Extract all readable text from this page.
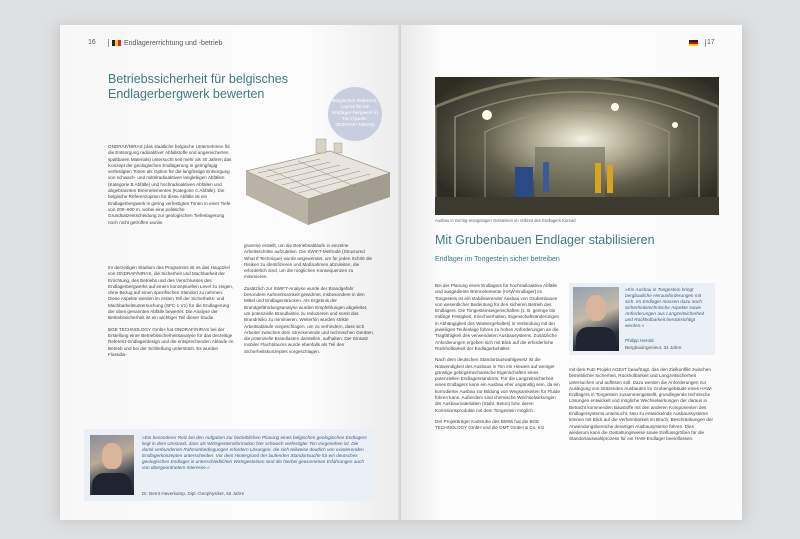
16	Endlagererrichtung und -betrieb
Betriebssicherheit für belgisches
Endlagerbergwerk bewerten
Belgisches Referenz-Layout für ein Endlager-bergwerk in Ton (Quelle: ONDRAF/ NIRAS)

ONDRAF/NIRAS (das staatliche belgische Unternehmen für die Entsorgung radioaktiver Abfallstoffe und angereicherten spaltbaren Materials) untersucht seit mehr als 40 Jahren das Konzept der geologischen Endlagerung in geringfügig verfestigten Tonen als Option für die langfristige Entsorgung von schwach- und mittelradioaktiven langlebigen Abfällen (Kategorie B Abfälle) und hochradioaktiven Abfällen und abgebrannten Brennelementen (Kategorie C Abfälle). Die belgische Referenzoption für diese Abfälle ist ein Endlagerbergwerk in gering verfestigten Tonen in einer Tiefe von 200–600 m, wobei eine politische Grundsatzentscheidung zur geologischen Tiefenlagerung noch nicht getroffen wurde.

Im derzeitigen Stadium des Programms ist es das Hauptziel von ONDRAF/NIRAS, die Sicherheit und Machbarkeit der Errichtung, des Betriebs und des Verschlusses des Endlagerbergwerks auf einem konzeptuellen Level zu zeigen, ohne Bezug auf einen spezifischen Standort zu nehmen. Diese Aspekte werden im ersten Teil der Sicherheits- und Machbarkeitsuntersuchung (SFC-1 V1) für die Endlagerung der oben genannten Abfälle bewertet. Die Analyse der Betriebssicherheit ist ein wichtiger Teil dieser Studie.

BGE TECHNOLOGY GmbH hat ONDRAF/NIRAS bei der Erstellung einer Betriebssicherheitsanalyse für das derzeitige Referenz-Endlagerdesign und die entsprechenden Abläufe im Betrieb und bei der Schließung unterstützt. Es wurden Flussdia-

gramme erstellt, um die Betriebsabläufe in einzelne Arbeitsschritte aufzuteilen. Die SWIFT-Methode (Structured What If Technique) wurde angewendet, um für jeden Schritt die Risiken zu identifizieren und Maßnahmen abzuleiten, die erforderlich sind, um die möglichen Konsequenzen zu minimieren.

Zusätzlich zur SWIFT-Analyse wurde der Brandgefahr besondere Aufmerksamkeit gewidmet, insbesondere in den Mittel und Endlagerstrecken. Als Ergebnis der Brandgefährdungsanalyse wurden Empfehlungen abgeleitet, um potenzielle Brandlasten zu reduzieren und somit das Brandrisiko zu minimieren. Weiterhin wurden strikte Arbeitsabläufe vorgeschlagen, um zu verhindern, dass sich Arbeiter zwischen dem Streckenende und technischen Geräten, die potenzielle Brandlasten darstellen, aufhalten. Der Einsatz mobiler Flachtiraums wurde ebenfalls als Teil des Sicherheitskonzeptes vorgeschlagen.

»Ein besonderer Reiz bei den Aufgaben zur betrieblichen Planung eines belgischen geologischen Endlagers liegt in dem Umstand, dass als Wirtsgesteinsformation hier schwach verfestigter Ton vorgesehen ist. Die damit verbundenen Rahmenbedingungen erfordern Lösungen, die sich teilweise deutlich von existierenden Endlagerkonzepten unterscheiden. Vor dem Hintergrund der laufenden Standortsuche für ein deutsches geologisches Endlager in unterschiedlichen Wirtsgesteinen sind die hierbei gewonnenen Erfahrungen auch von übergeordnetem Interesse.«
Dr. Bernt Haverkamp, Dipl.-Geophysiker, 62 Jahre
17
Ausbau in Gering-mangelagen Geisteinen im Vollzeit des Endlagers Konrad
Mit Grubenbauen Endlager stabilisieren
Endlager im Tongestein sicher betreiben

Bei der Planung eines Endlagers für hochradioaktive Abfälle und ausgediente Brennelemente (HAW-Endlager) im Tongestein ist ein stabilisierender Ausbau von Grubenbauen von wesentlicher Bedeutung für den sicheren Betrieb des Endlagers. Die Tongesteinseigenschaften (z. B. geringe bis mäßige Festigkeit, Kriechverhalten, Eigenschaftsänderungen in Abhängigkeit des Wassergehaltes) in Verbindung mit der jeweiligen Teufenlage führen zu hohen Anforderungen an die Tragfähigkeit des verwendeten Ausbausystems. Zusätzliche Anforderungen ergeben sich mit Blick auf die erforderliche Rückholbarkeit der Endlagerbehälter.

Nach dem deutschen Standortauswahlgesetz ist die Notwendigkeit des Ausbaus in Ton ein Hinweis auf weniger günstige gebirgsmechanische Eigenschaften eines potenziellen Endlagerstandorts. Für die Langzeitsicherheit eines Endlagers kann ein Ausbau eher ungünstig sein, da ein korrodierter Ausbau zur Bildung von Wegsamkeiten für Fluide führen kann. Außerdem sind chemische Wechselwirkungen der Ausbaumaterialien (Stahl, Beton) bzw. deren Korrosionsprodukte mit dem Tongestein möglich.

Der Projektträger Karlsruhe des BMWi hat die BGE TECHNOLOGY GmbH und die DMT GmbH & Co. KG

»Ein Ausbau in Tongestein bringt bergbauliche Herausforderungen mit sich. Im Endlager müssen dazu noch sicherheitstechnische Aspekte sowie Anforderungen aus Langzeitsicherheit und Rückholbarkeit berücksichtigt werden.«
Philipp Herold
Bergbauingenieur, 34 Jahre

mit dem FuE-Projekt AGEnT beauftragt, das den Zielkonflikt zwischen betrieblicher Sicherheit, Rückholbarkeit und Langzeitsicherheit untersuchen und auflösen soll. Dazu werden die Anforderungen zur Auslegung von stützenden Ausbauten im Grubengebäude eines HAW-Endlagers in Tongestein zusammengestellt, grundlegende technische Lösungen entwickelt und mögliche Wechselwirkungen der daraus in Betracht kommenden Baustoffe mit den anderen Komponenten des Endlagersystems untersucht. Neu zu entwickelnde Ausbaussysteme können mit Blick auf die Verformbarkeit im Bruch, Beschränkungen der Anwendungsbereiche derartiger Ausbausysteme führen. Dies wiederum kann die Gestaltungsweise sowie Einflussgrößen für die Standortauswahlprozess für ein HAW-Endlager beeinflussen.
